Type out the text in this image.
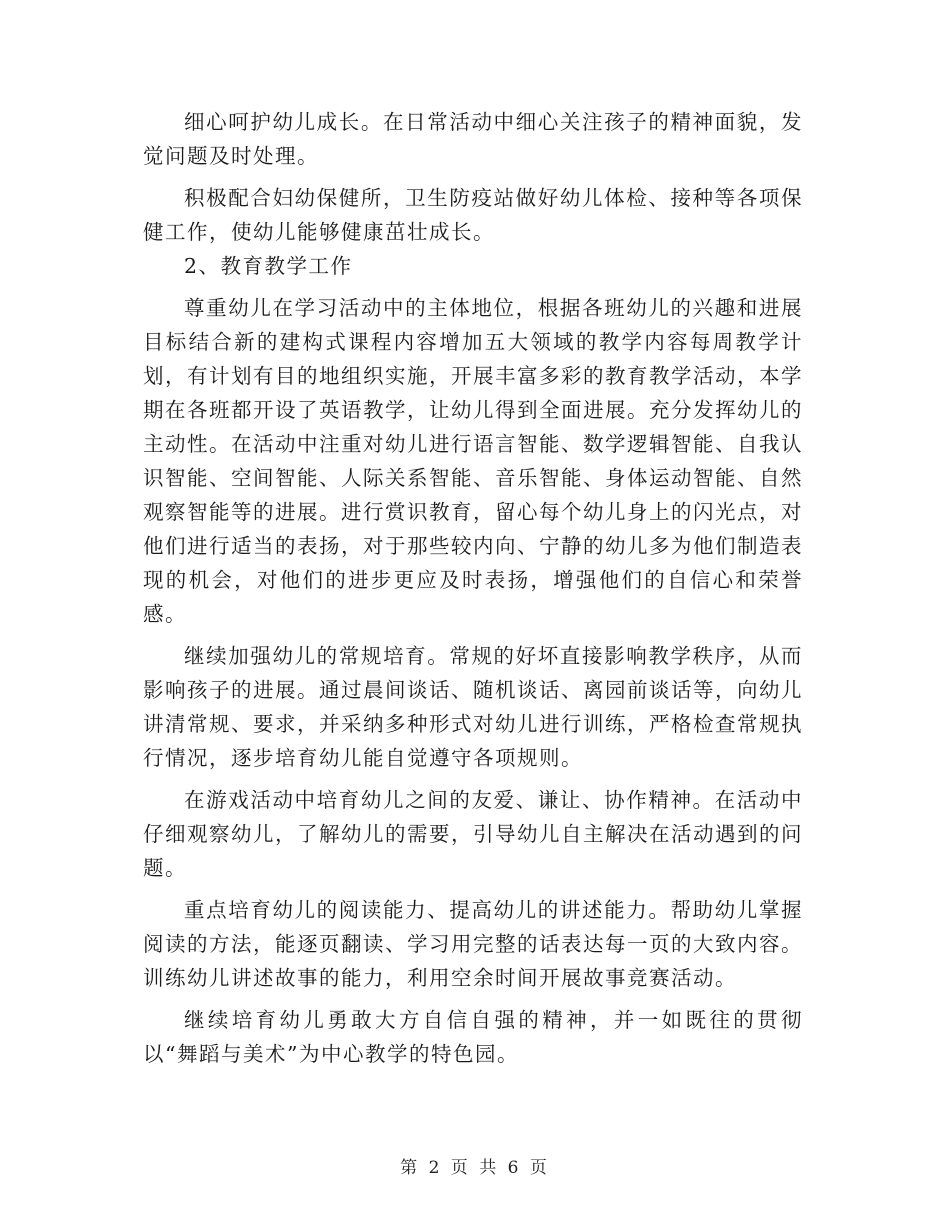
细心呵护幼儿成长。在日常活动中细心关注孩子的精神面貌，发觉问题及时处理。

积极配合妇幼保健所，卫生防疫站做好幼儿体检、接种等各项保健工作，使幼儿能够健康茁壮成长。

2、教育教学工作

尊重幼儿在学习活动中的主体地位，根据各班幼儿的兴趣和进展目标结合新的建构式课程内容增加五大领域的教学内容每周教学计划，有计划有目的地组织实施，开展丰富多彩的教育教学活动，本学期在各班都开设了英语教学，让幼儿得到全面进展。充分发挥幼儿的主动性。在活动中注重对幼儿进行语言智能、数学逻辑智能、自我认识智能、空间智能、人际关系智能、音乐智能、身体运动智能、自然观察智能等的进展。进行赏识教育，留心每个幼儿身上的闪光点，对他们进行适当的表扬，对于那些较内向、宁静的幼儿多为他们制造表现的机会，对他们的进步更应及时表扬，增强他们的自信心和荣誉感。

继续加强幼儿的常规培育。常规的好坏直接影响教学秩序，从而影响孩子的进展。通过晨间谈话、随机谈话、离园前谈话等，向幼儿讲清常规、要求，并采纳多种形式对幼儿进行训练，严格检查常规执行情况，逐步培育幼儿能自觉遵守各项规则。

在游戏活动中培育幼儿之间的友爱、谦让、协作精神。在活动中仔细观察幼儿，了解幼儿的需要，引导幼儿自主解决在活动遇到的问题。

重点培育幼儿的阅读能力、提高幼儿的讲述能力。帮助幼儿掌握阅读的方法，能逐页翻读、学习用完整的话表达每一页的大致内容。训练幼儿讲述故事的能力，利用空余时间开展故事竞赛活动。

继续培育幼儿勇敢大方自信自强的精神，并一如既往的贯彻以“舞蹈与美术”为中心教学的特色园。

第 2 页 共 6 页
